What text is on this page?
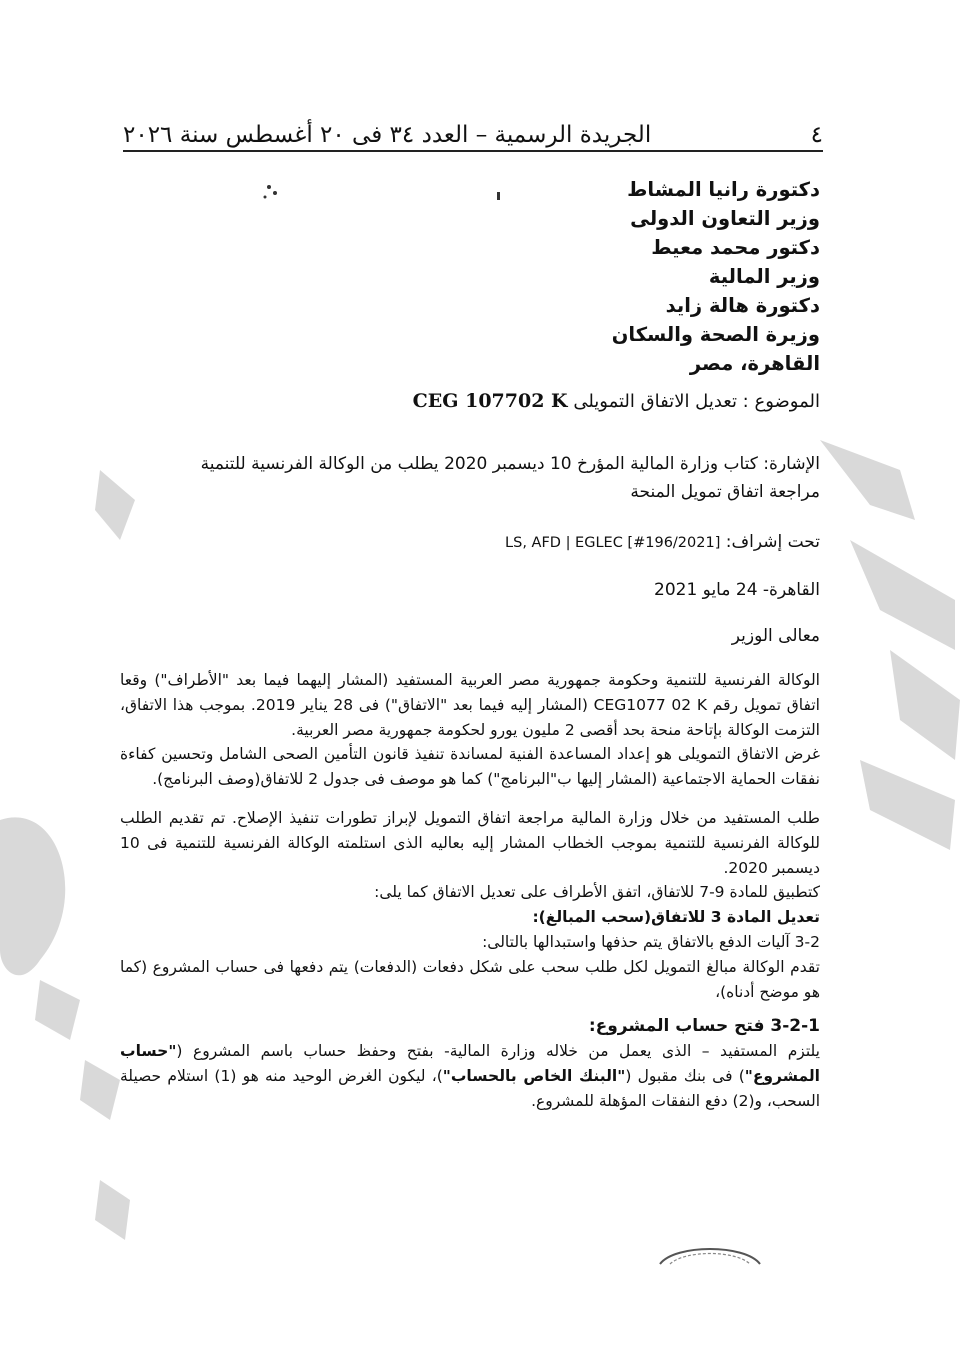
٤
الجريدة الرسمية – العدد ٣٤ فى ٢٠ أغسطس سنة ٢٠٢٦
دكتورة رانيا المشاط
وزير التعاون الدولى
دكتور محمد معيط
وزير المالية
دكتورة هالة زايد
وزيرة الصحة والسكان
القاهرة، مصر
الموضوع : تعديل الاتفاق التمويلى CEG 107702 K
الإشارة: كتاب وزارة المالية المؤرخ 10 ديسمبر 2020 يطلب من الوكالة الفرنسية للتنمية
مراجعة اتفاق تمويل المنحة
تحت إشراف: LS, AFD | EGLEC [#196/2021]
القاهرة- 24 مايو 2021
معالى الوزير

الوكالة الفرنسية للتنمية وحكومة جمهورية مصر العربية المستفيد (المشار إليهما فيما بعد "الأطراف") وقعا اتفاق تمويل رقم CEG1077 02 K (المشار إليه فيما بعد "الاتفاق") فى 28 يناير 2019. بموجب هذا الاتفاق، التزمت الوكالة بإتاحة منحة بحد أقصى 2 مليون يورو لحكومة جمهورية مصر العربية.

غرض الاتفاق التمويلى هو إعداد المساعدة الفنية لمساندة تنفيذ قانون التأمين الصحى الشامل وتحسين كفاءة نفقات الحماية الاجتماعية (المشار إليها ب"البرنامج") كما هو موصف فى جدول 2 للاتفاق(وصف البرنامج).

طلب المستفيد من خلال وزارة المالية مراجعة اتفاق التمويل لإبراز تطورات تنفيذ الإصلاح. تم تقديم الطلب للوكالة الفرنسية للتنمية بموجب الخطاب المشار إليه بعاليه الذى استلمته الوكالة الفرنسية للتنمية فى 10 ديسمبر 2020.

كتطبيق للمادة 9-7 للاتفاق، اتفق الأطراف على تعديل الاتفاق كما يلى:

تعديل المادة 3 للاتفاق(سحب المبالغ):

3-2 آليات الدفع بالاتفاق يتم حذفها واستبدالها بالتالى:

تقدم الوكالة مبالغ التمويل لكل طلب سحب على شكل دفعات (الدفعات) يتم دفعها فى حساب المشروع (كما هو موضح أدناه)،

3-2-1 فتح حساب المشروع:

يلتزم المستفيد – الذى يعمل من خلاله وزارة المالية- بفتح وحفظ حساب باسم المشروع ("حساب المشروع") فى بنك مقبول ("البنك الخاص بالحساب")، ليكون الغرض الوحيد منه هو (1) استلام حصيلة السحب، و(2) دفع النفقات المؤهلة للمشروع.
